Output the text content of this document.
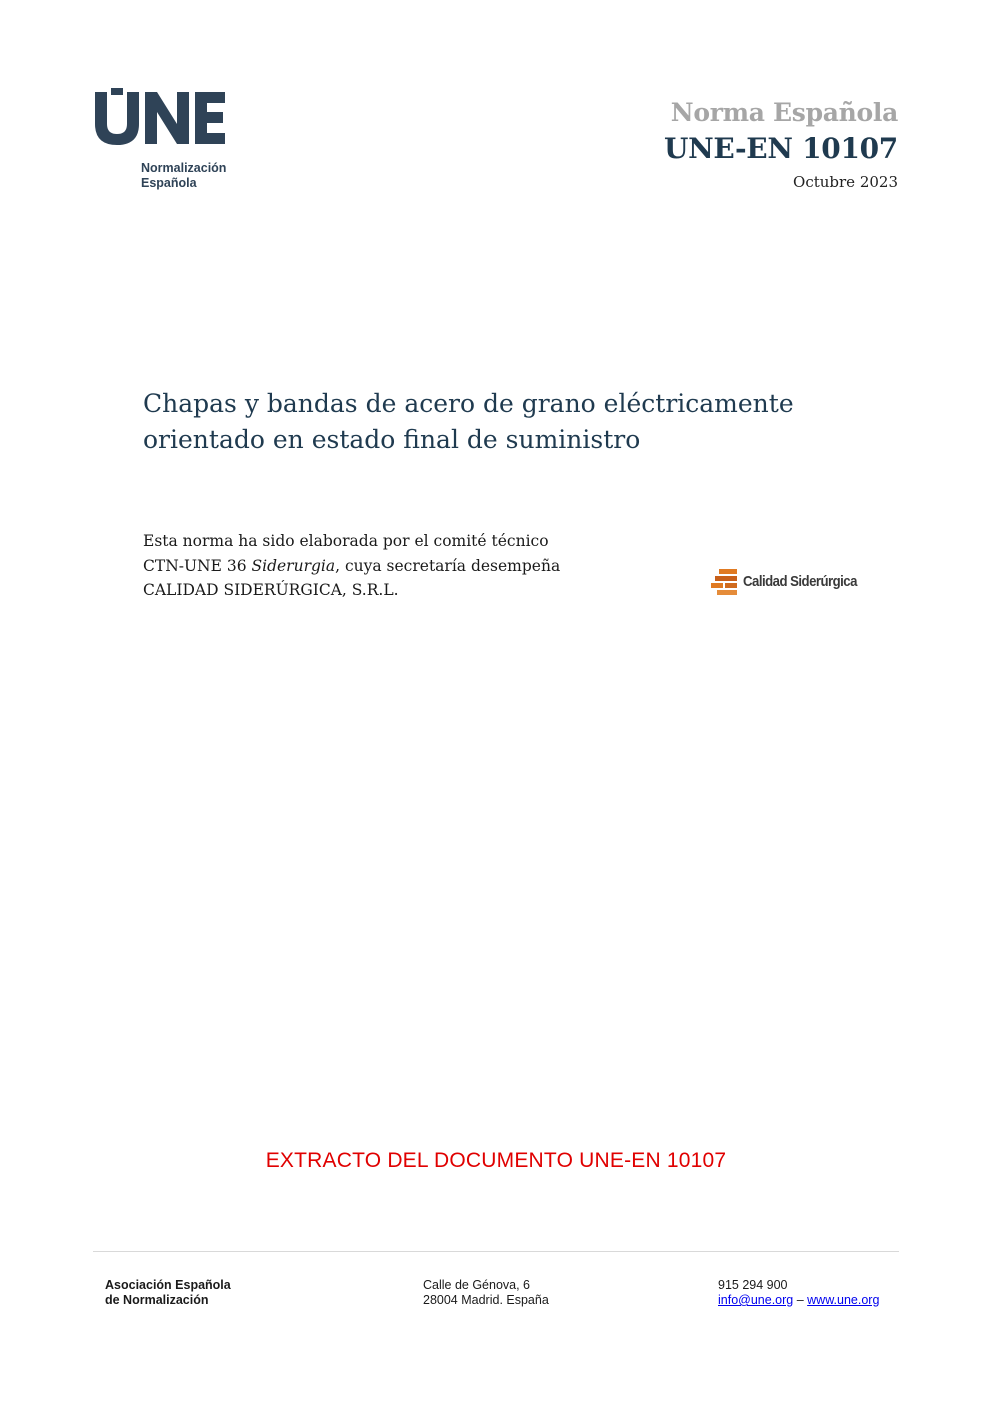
Normalización
Española
Norma Española
UNE-EN 10107
Octubre 2023
Chapas y bandas de acero de grano eléctricamente
orientado en estado final de suministro
Esta norma ha sido elaborada por el comité técnico
CTN-UNE 36 Siderurgia, cuya secretaría desempeña
CALIDAD SIDERÚRGICA, S.R.L.	Calidad Siderúrgica
EXTRACTO DEL DOCUMENTO UNE-EN 10107
Asociación Española
de Normalización
Calle de Génova, 6
28004 Madrid. España
915 294 900
info@une.org – www.une.org
